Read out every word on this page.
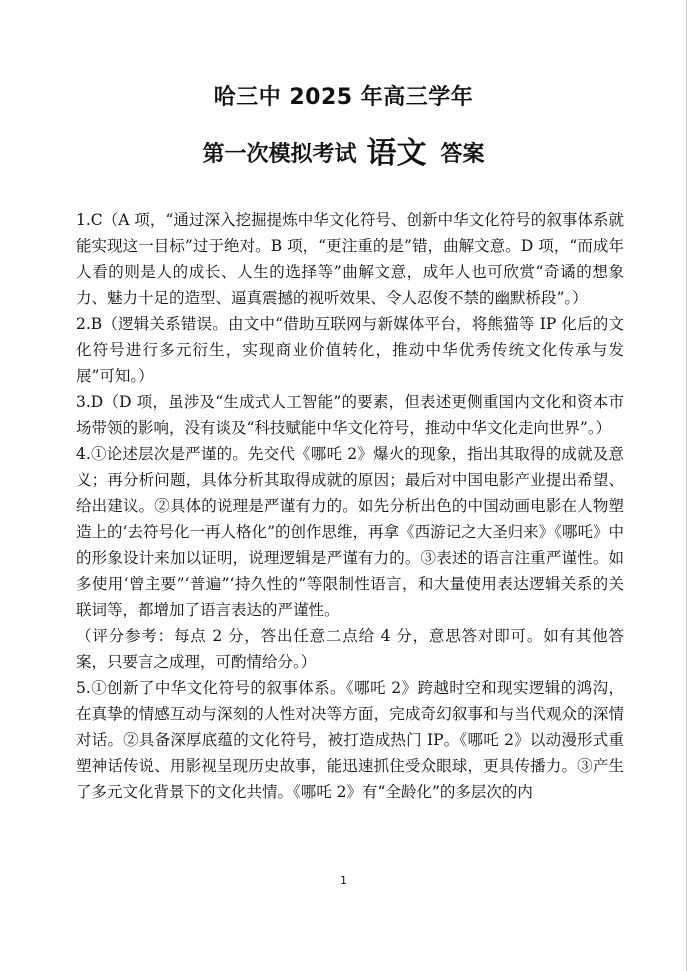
哈三中 2025 年高三学年
第一次模拟考试 语文 答案

1.C（A 项，“通过深入挖掘提炼中华文化符号、创新中华文化符号的叙事体系就能实现这一目标”过于绝对。B 项，“更注重的是”错，曲解文意。D 项，“而成年人看的则是人的成长、人生的选择等”曲解文意，成年人也可欣赏“奇谲的想象力、魅力十足的造型、逼真震撼的视听效果、令人忍俊不禁的幽默桥段”。）

2.B（逻辑关系错误。由文中“借助互联网与新媒体平台，将熊猫等 IP 化后的文化符号进行多元衍生，实现商业价值转化，推动中华优秀传统文化传承与发展”可知。）

3.D（D 项，虽涉及“生成式人工智能”的要素，但表述更侧重国内文化和资本市场带领的影响，没有谈及“科技赋能中华文化符号，推动中华文化走向世界”。）

4.①论述层次是严谨的。先交代《哪吒 2》爆火的现象，指出其取得的成就及意义；再分析问题，具体分析其取得成就的原因；最后对中国电影产业提出希望、给出建议。②具体的说理是严谨有力的。如先分析出色的中国动画电影在人物塑造上的‘去符号化一再人格化”的创作思维，再拿《西游记之大圣归来》《哪吒》中的形象设计来加以证明，说理逻辑是严谨有力的。③表述的语言注重严谨性。如多使用‘曾主要”‘普遍”‘持久性的”等限制性语言，和大量使用表达逻辑关系的关联词等，都增加了语言表达的严谨性。

（评分参考：每点 2 分，答出任意二点给 4 分，意思答对即可。如有其他答案，只要言之成理，可酌情给分。）

5.①创新了中华文化符号的叙事体系。《哪吒 2》跨越时空和现实逻辑的鸿沟，在真挚的情感互动与深刻的人性对决等方面，完成奇幻叙事和与当代观众的深情对话。②具备深厚底蕴的文化符号，被打造成热门 IP。《哪吒 2》以动漫形式重塑神话传说、用影视呈现历史故事，能迅速抓住受众眼球，更具传播力。③产生了多元文化背景下的文化共情。《哪吒 2》有“全龄化”的多层次的内

1
